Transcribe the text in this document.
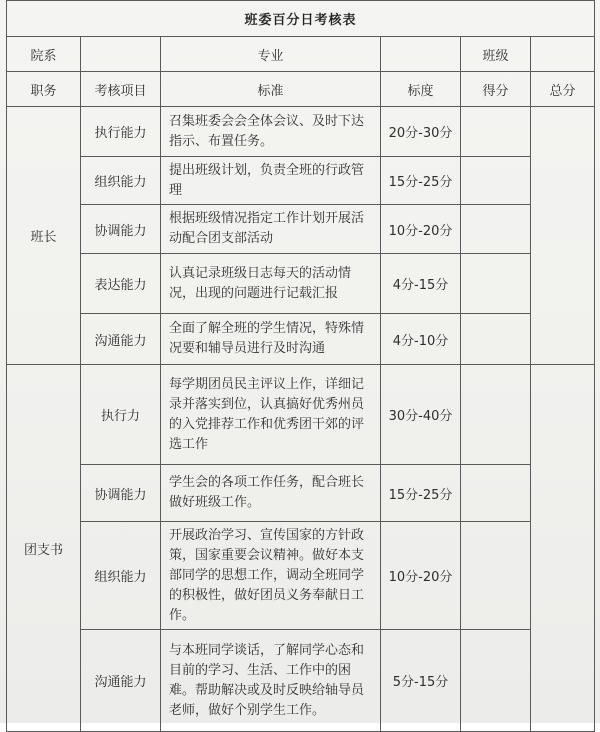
班委百分日考核表					
院系		专业		班级	
职务	考核项目	标准	标度	得分	总分
班长	执行能力	召集班委会会全体会议、及时下达指示、布置任务。	20分-30分		
	组织能力	提出班级计划，负责全班的行政管理	15分-25分		
	协调能力	根据班级情况指定工作计划开展活动配合团支部活动	10分-20分		
	表达能力	认真记录班级日志每天的活动情况，出现的问题进行记载汇报	4分-15分		
	沟通能力	全面了解全班的学生情况，特殊情况要和辅导员进行及时沟通	4分-10分		
团支书	执行力	每学期团员民主评议上作，详细记录并落实到位，认真搞好优秀州员的入党排荐工作和优秀团干郊的评选工作	30分-40分		
	协调能力	学生会的各项工作任务，配合班长做好班级工作。	15分-25分		
	组织能力	开展政治学习、宣传国家的方针政策，国家重要会议精神。做好本支部同学的思想工作，调动全班同学的积极性，做好团员义务奉献日工作。	10分-20分		
	沟通能力	与本班同学谈话，了解同学心态和目前的学习、生活、工作中的困难。帮助解决或及时反映给轴导员老师，做好个别学生工作。	5分-15分		
